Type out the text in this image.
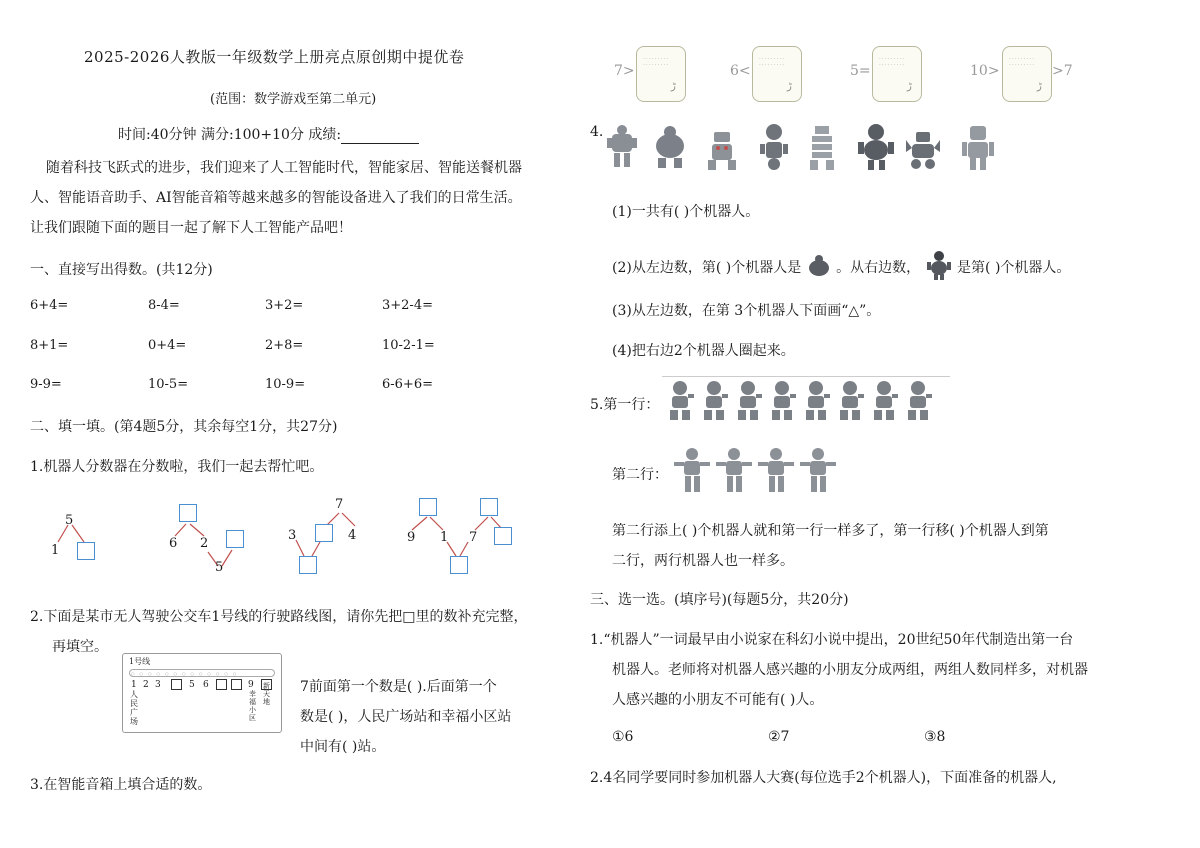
2025-2026人教版一年级数学上册亮点原创期中提优卷
(范围：数学游戏至第二单元)
时间:40分钟 满分:100+10分 成绩:
随着科技飞跃式的进步，我们迎来了人工智能时代，智能家居、智能送餐机器
人、智能语音助手、AI智能音箱等越来越多的智能设备进入了我们的日常生活。
让我们跟随下面的题目一起了解下人工智能产品吧！
一、直接写出得数。(共12分)
6+4=	8-4=	3+2=	3+2-4=
8+1=	0+4=	2+8=	10-2-1=
9-9=	10-5=	10-9=	6-6+6=
二、填一填。(第4题5分，其余每空1分，共27分)
1.机器人分数器在分数啦，我们一起去帮忙吧。
5
1	6 2
5
7
3	4	9 1 7
2.下面是某市无人驾驶公交车1号线的行驶路线图，请你先把□里的数补充完整，
再填空。
1号线
○○○○○○○○○○○○○
1 2 3	5 6	9
人民广场
幸福小区
新天地
7前面第一个数是( ).后面第一个
数是( )，人民广场站和幸福小区站
中间有( )站。
3.在智能音箱上填合适的数。
7>
·········
·········
ڑ
6<
·········
·········
ڑ
5=
·········
·········
ڑ
10>
·········
·········
ڑ
>7
4.
(1)一共有( )个机器人。
(2)从左边数，第( )个机器人是 。从右边数，	是第( )个机器人。
(3)从左边数，在第 3个机器人下面画“△”。
(4)把右边2个机器人圈起来。
5.第一行：
第二行：
第二行添上( )个机器人就和第一行一样多了，第一行移( )个机器人到第
二行，两行机器人也一样多。
三、选一选。(填序号)(每题5分，共20分)
1.“机器人”一词最早由小说家在科幻小说中提出，20世纪50年代制造出第一台
机器人。老师将对机器人感兴趣的小朋友分成两组，两组人数同样多，对机器
人感兴趣的小朋友不可能有( )人。
①6	②7	③8
2.4名同学要同时参加机器人大赛(每位选手2个机器人)，下面准备的机器人,
